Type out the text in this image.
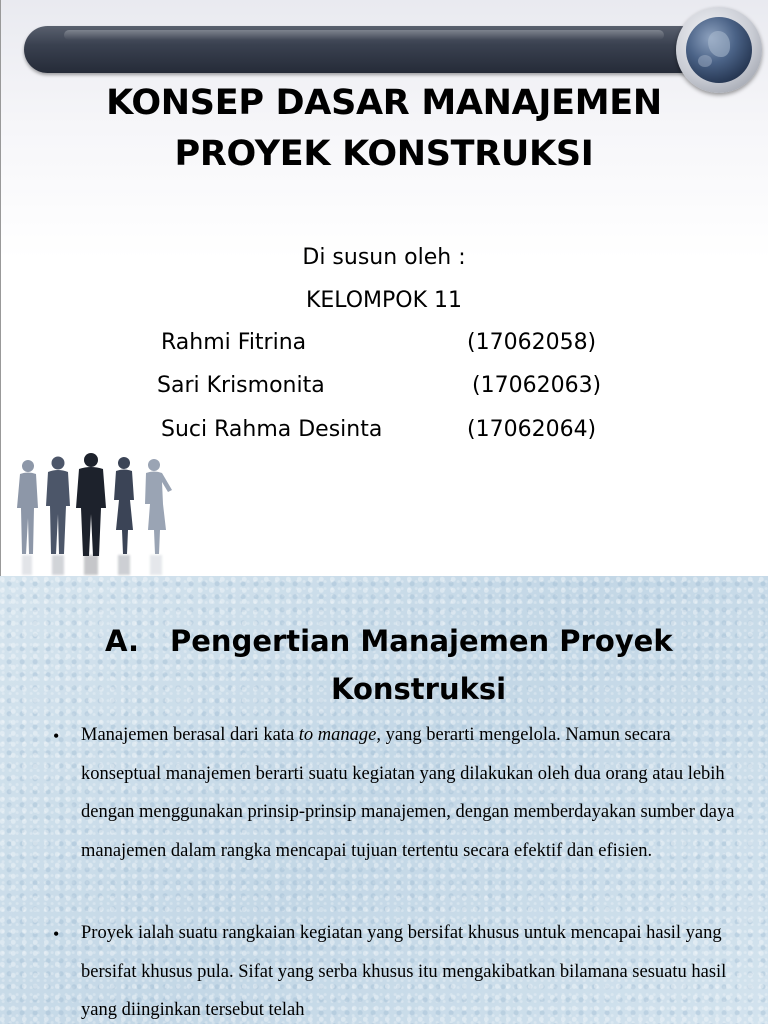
KONSEP DASAR MANAJEMEN
PROYEK KONSTRUKSI
Di susun oleh :
KELOMPOK 11
Rahmi Fitrina	(17062058)
Sari Krismonita	(17062063)
Suci Rahma Desinta	(17062064)
A. Pengertian Manajemen Proyek
Konstruksi
• Manajemen berasal dari kata to manage, yang berarti mengelola. Namun secara konseptual manajemen berarti suatu kegiatan yang dilakukan oleh dua orang atau lebih dengan menggunakan prinsip-prinsip manajemen, dengan memberdayakan sumber daya manajemen dalam rangka mencapai tujuan tertentu secara efektif dan efisien.
• Proyek ialah suatu rangkaian kegiatan yang bersifat khusus untuk mencapai hasil yang bersifat khusus pula. Sifat yang serba khusus itu mengakibatkan bilamana sesuatu hasil yang diinginkan tersebut telah
